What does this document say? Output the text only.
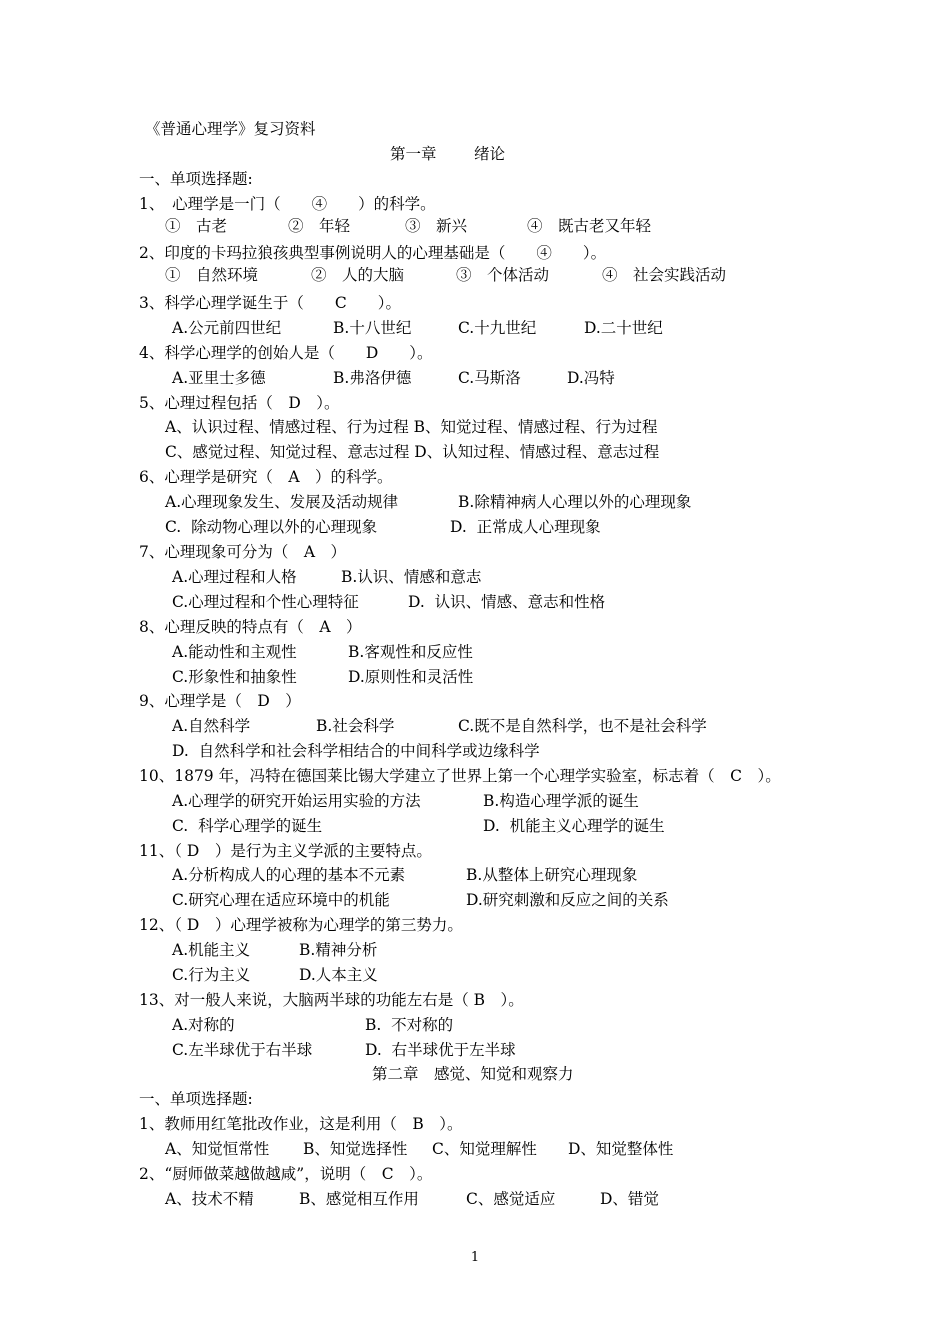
《普通心理学》复习资料
第一章 绪论
一、单项选择题:
1、　心理学是一门（　　④　　）的科学。
①　古老	②　年轻	③　新兴	④　既古老又年轻
2、印度的卡玛拉狼孩典型事例说明人的心理基础是（　　④　　）。
①　自然环境	②　人的大脑	③　个体活动	④　社会实践活动
3、科学心理学诞生于（　　C　　）。
A.公元前四世纪	B.十八世纪	C.十九世纪	D.二十世纪
4、科学心理学的创始人是（　　D　　）。
A.亚里士多德	B.弗洛伊德	C.马斯洛	D.冯特
5、心理过程包括（　D　）。
A、认识过程、情感过程、行为过程 B、知觉过程、情感过程、行为过程
C、感觉过程、知觉过程、意志过程 D、认知过程、情感过程、意志过程
6、心理学是研究（　A　）的科学。
A.心理现象发生、发展及活动规律	B.除精神病人心理以外的心理现象
C.  除动物心理以外的心理现象	D.  正常成人心理现象
7、心理现象可分为（　A　）
A.心理过程和人格	B.认识、情感和意志
C.心理过程和个性心理特征	D.  认识、情感、意志和性格
8、心理反映的特点有（　A　）
A.能动性和主观性	B.客观性和反应性
C.形象性和抽象性	D.原则性和灵活性
9、心理学是（　D　）
A.自然科学	B.社会科学	C.既不是自然科学，也不是社会科学
D.  自然科学和社会科学相结合的中间科学或边缘科学
10、1879 年，冯特在德国莱比锡大学建立了世界上第一个心理学实验室，标志着（　C　）。
A.心理学的研究开始运用实验的方法	B.构造心理学派的诞生
C.  科学心理学的诞生	D.  机能主义心理学的诞生
11、（ D　）是行为主义学派的主要特点。
A.分析构成人的心理的基本不元素	B.从整体上研究心理现象
C.研究心理在适应环境中的机能	D.研究刺激和反应之间的关系
12、（ D　）心理学被称为心理学的第三势力。
A.机能主义	B.精神分析
C.行为主义	D.人本主义
13、对一般人来说，大脑两半球的功能左右是（ B　）。
A.对称的	B.  不对称的
C.左半球优于右半球	D.  右半球优于左半球
第二章　感觉、知觉和观察力
一、单项选择题:
1、教师用红笔批改作业，这是利用（　B　）。
A、知觉恒常性 B、知觉选择性 C、知觉理解性 D、知觉整体性
2、“厨师做菜越做越咸”，说明（　C　）。
A、技术不精	B、感觉相互作用	C、感觉适应	D、错觉
1
